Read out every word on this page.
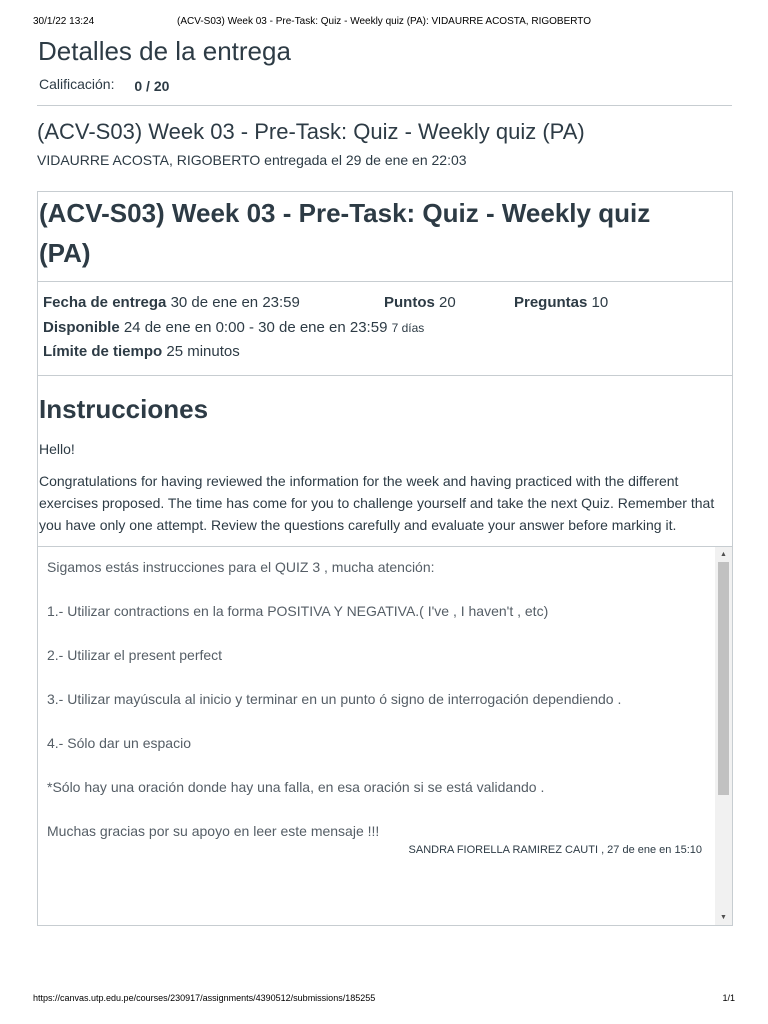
30/1/22 13:24	(ACV-S03) Week 03 - Pre-Task: Quiz - Weekly quiz (PA): VIDAURRE ACOSTA, RIGOBERTO
Detalles de la entrega
Calificación: 0 / 20
(ACV-S03) Week 03 - Pre-Task: Quiz - Weekly quiz (PA)
VIDAURRE ACOSTA, RIGOBERTO entregada el 29 de ene en 22:03
(ACV-S03) Week 03 - Pre-Task: Quiz - Weekly quiz (PA)
Fecha de entrega 30 de ene en 23:59	Puntos 20	Preguntas 10
Disponible 24 de ene en 0:00 - 30 de ene en 23:59 7 días
Límite de tiempo 25 minutos
Instrucciones

Hello!

Congratulations for having reviewed the information for the week and having practiced with the different exercises proposed. The time has come for you to challenge yourself and take the next Quiz. Remember that you have only one attempt. Review the questions carefully and evaluate your answer before marking it.

Sigamos estás instrucciones para el QUIZ 3 , mucha atención:
1.- Utilizar contractions en la forma POSITIVA Y NEGATIVA.( I've , I haven't , etc)
2.- Utilizar el present perfect
3.- Utilizar mayúscula al inicio y terminar en un punto ó signo de interrogación dependiendo .
4.- Sólo dar un espacio
*Sólo hay una oración donde hay una falla, en esa oración si se está validando .
Muchas gracias por su apoyo en leer este mensaje !!!
SANDRA FIORELLA RAMIREZ CAUTI , 27 de ene en 15:10
▲
▼
https://canvas.utp.edu.pe/courses/230917/assignments/4390512/submissions/185255	1/1
